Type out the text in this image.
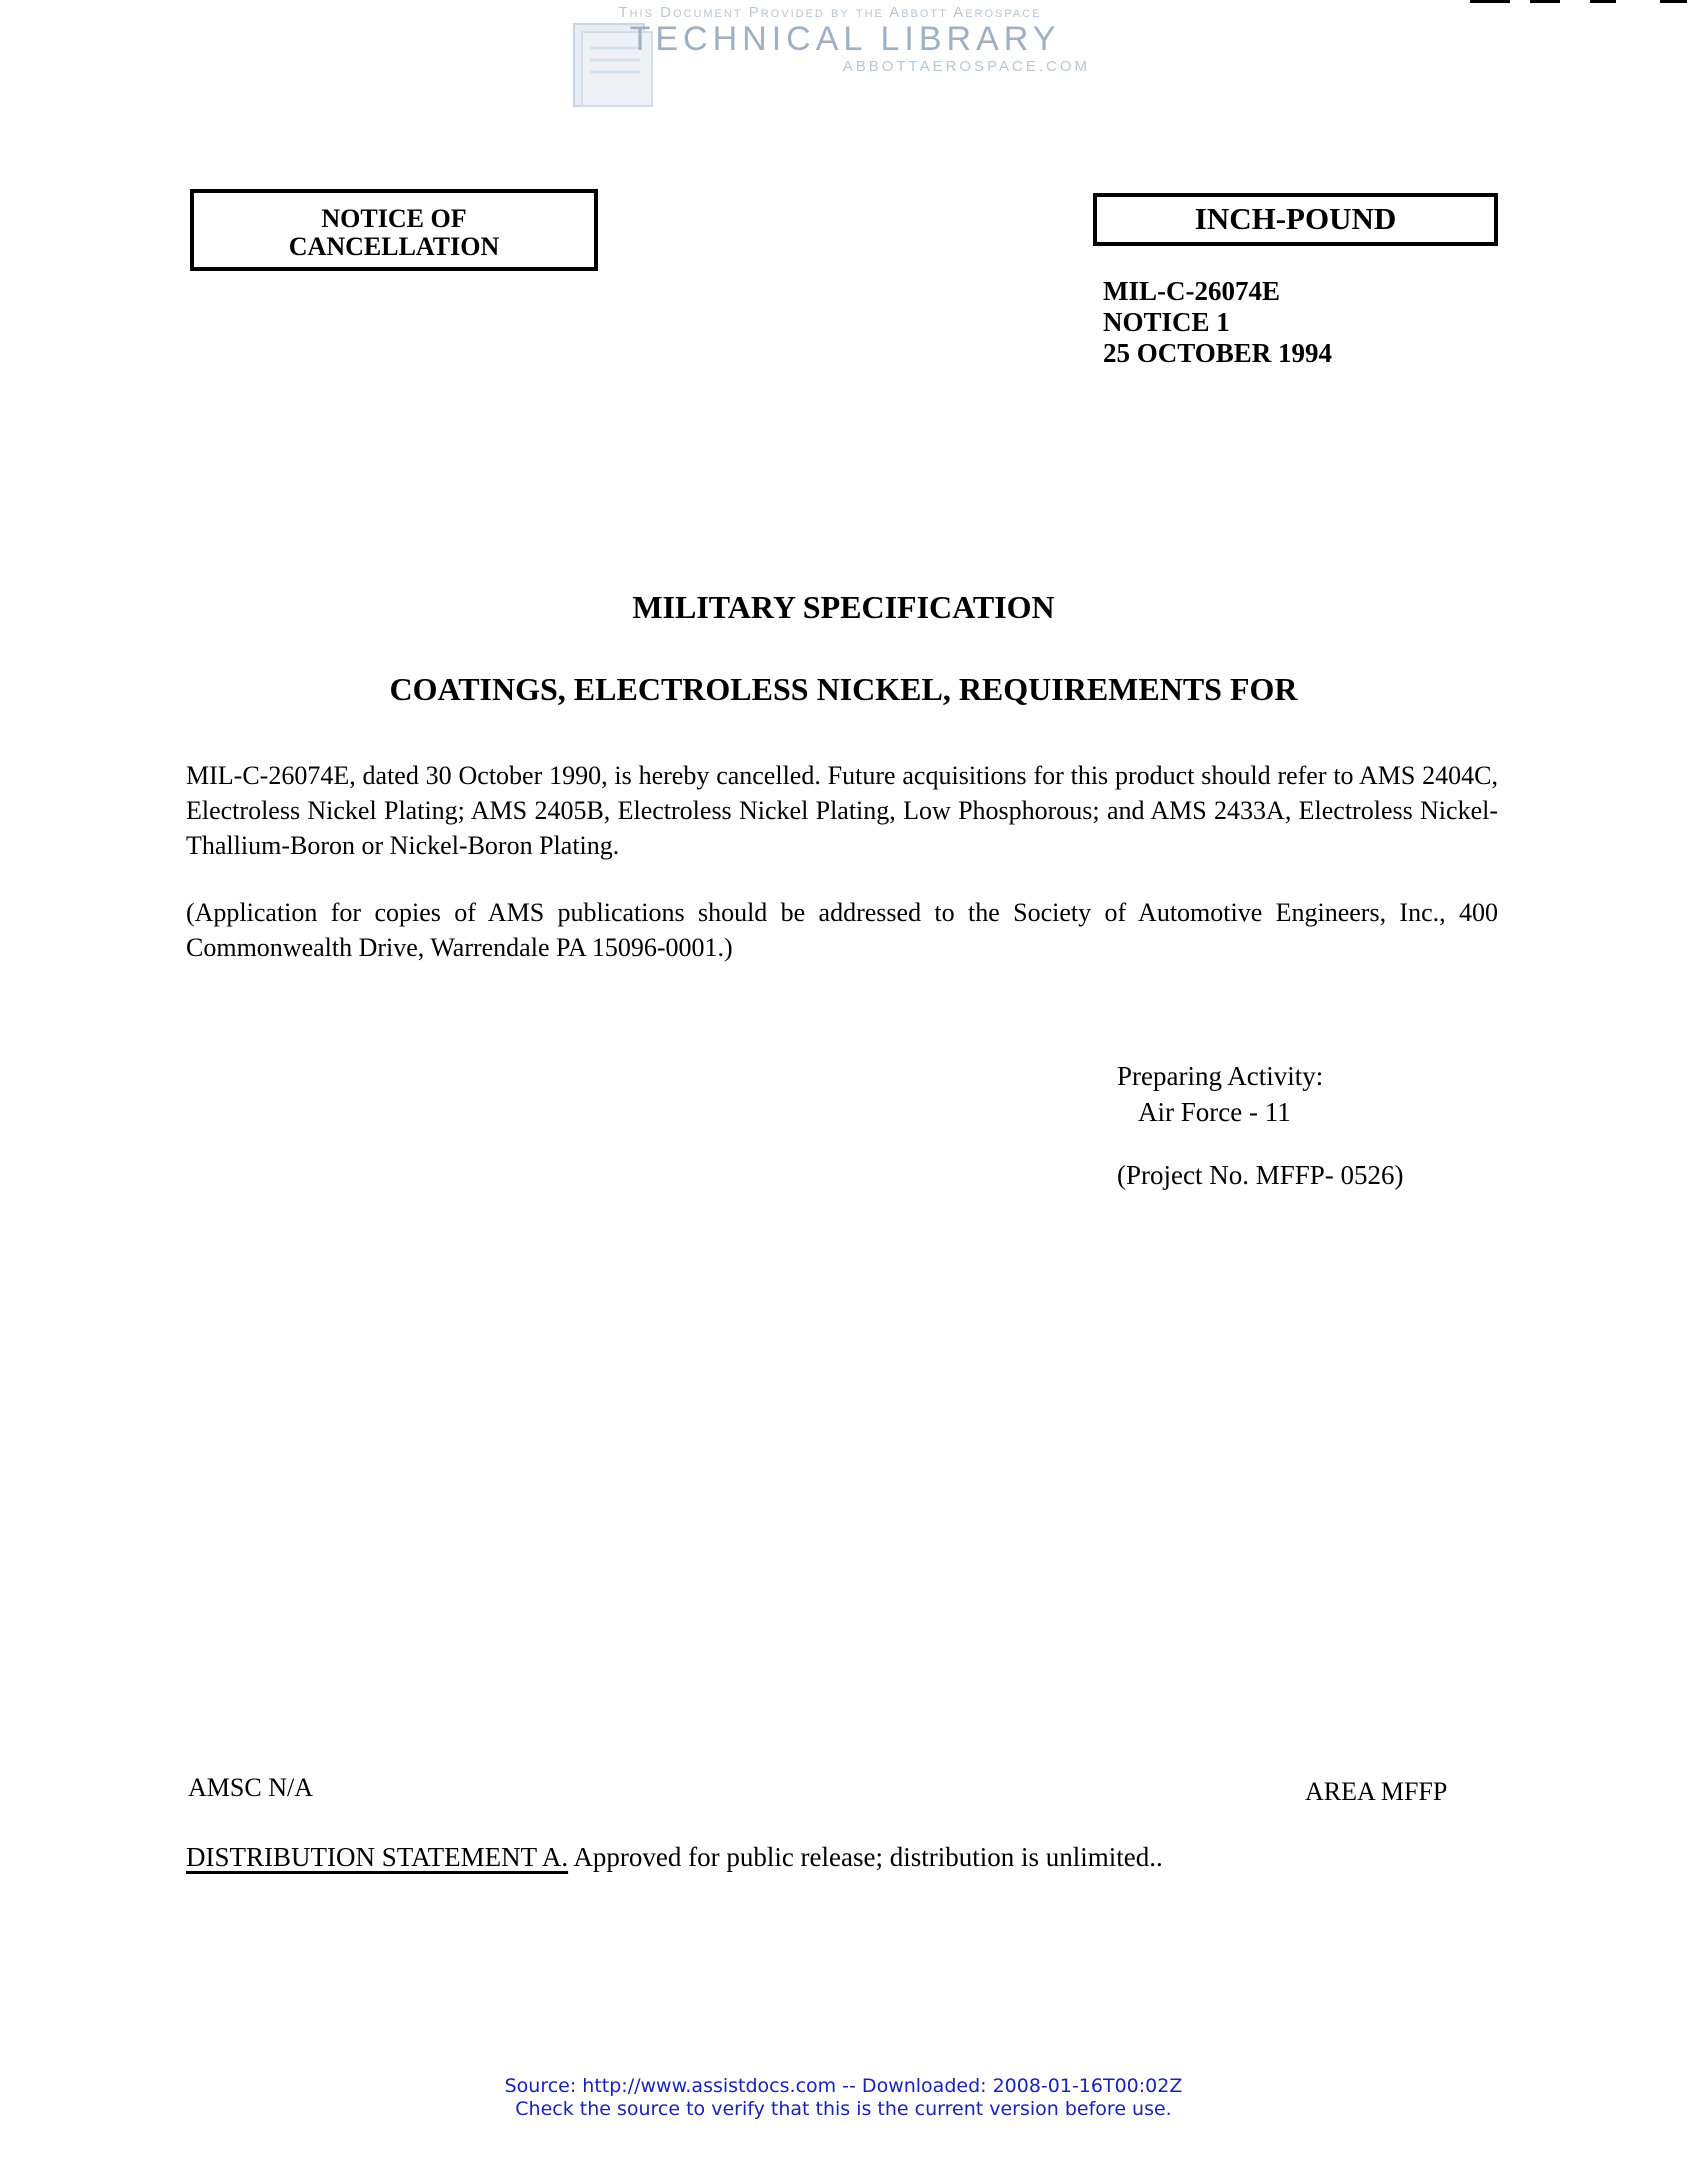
This Document Provided by the Abbott Aerospace
TECHNICAL LIBRARY
ABBOTTAEROSPACE.COM
NOTICE OF
CANCELLATION
INCH-POUND
MIL-C-26074E
NOTICE 1
25 OCTOBER 1994
MILITARY SPECIFICATION
COATINGS, ELECTROLESS NICKEL, REQUIREMENTS FOR
MIL-C-26074E, dated 30 October 1990, is hereby cancelled. Future acquisitions for this product should refer to AMS 2404C, Electroless Nickel Plating; AMS 2405B, Electroless Nickel Plating, Low Phosphorous; and AMS 2433A, Electroless Nickel-Thallium-Boron or Nickel-Boron Plating.
(Application for copies of AMS publications should be addressed to the Society of Automotive Engineers, Inc., 400 Commonwealth Drive, Warrendale PA 15096-0001.)
Preparing Activity:
Air Force - 11
(Project No. MFFP- 0526)
AMSC N/A	AREA MFFP
DISTRIBUTION STATEMENT A. Approved for public release; distribution is unlimited..
Source: http://www.assistdocs.com -- Downloaded: 2008-01-16T00:02Z
Check the source to verify that this is the current version before use.
